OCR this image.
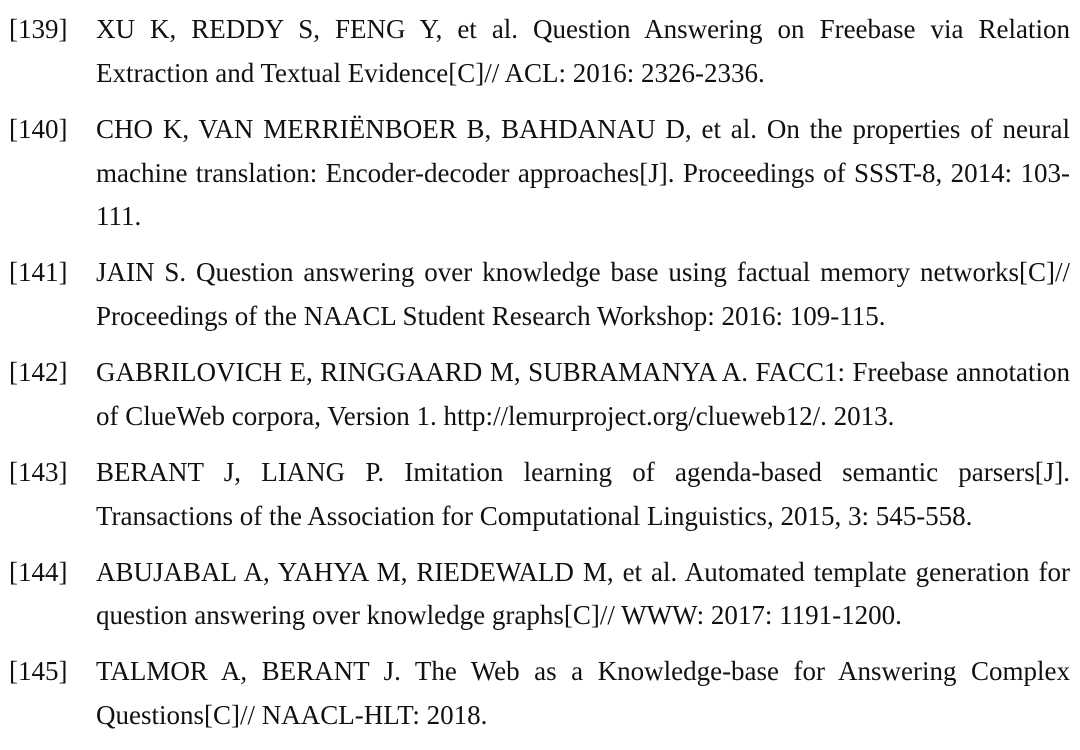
[139]	XU K, REDDY S, FENG Y, et al. Question Answering on Freebase via Relation Extraction and Textual Evidence[C]// ACL: 2016: 2326-2336.
[140]	CHO K, VAN MERRIËNBOER B, BAHDANAU D, et al. On the properties of neural machine translation: Encoder-decoder approaches[J]. Proceedings of SSST-8, 2014: 103-111.
[141]	JAIN S. Question answering over knowledge base using factual memory networks[C]// Proceedings of the NAACL Student Research Workshop: 2016: 109-115.
[142]	GABRILOVICH E, RINGGAARD M, SUBRAMANYA A. FACC1: Freebase annotation of ClueWeb corpora, Version 1. http://lemurproject.org/clueweb12/. 2013.
[143]	BERANT J, LIANG P. Imitation learning of agenda-based semantic parsers[J]. Transactions of the Association for Computational Linguistics, 2015, 3: 545-558.
[144]	ABUJABAL A, YAHYA M, RIEDEWALD M, et al. Automated template generation for question answering over knowledge graphs[C]// WWW: 2017: 1191-1200.
[145]	TALMOR A, BERANT J. The Web as a Knowledge-base for Answering Complex Questions[C]// NAACL-HLT: 2018.
